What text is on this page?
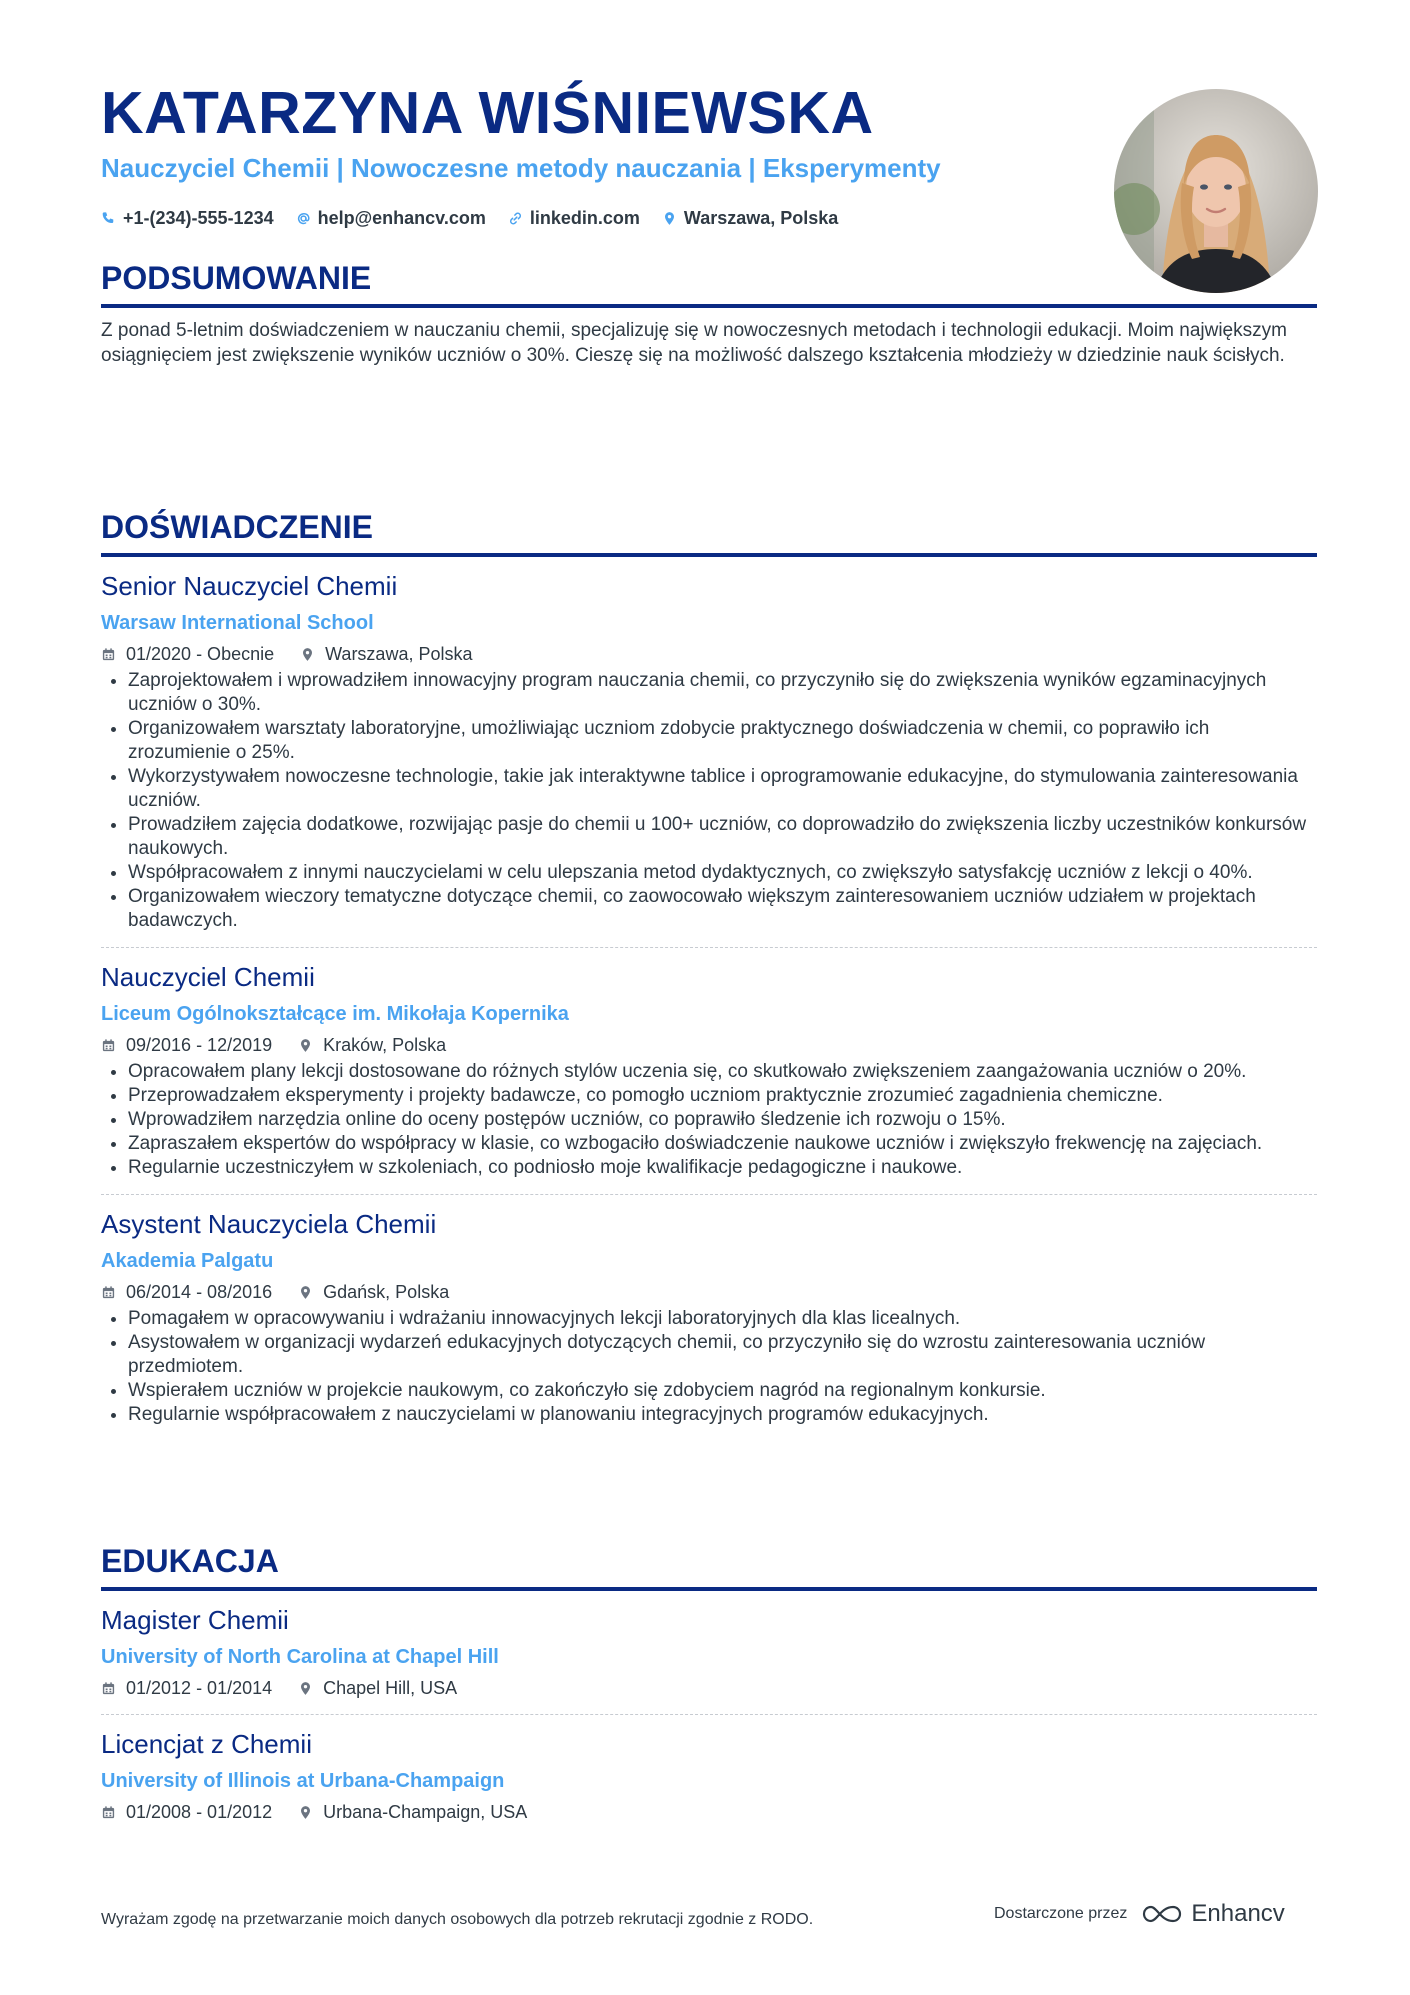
KATARZYNA WIŚNIEWSKA
Nauczyciel Chemii | Nowoczesne metody nauczania | Eksperymenty
+1-(234)-555-1234 help@enhancv.com linkedin.com Warszawa, Polska
PODSUMOWANIE
Z ponad 5-letnim doświadczeniem w nauczaniu chemii, specjalizuję się w nowoczesnych metodach i technologii edukacji. Moim największym osiągnięciem jest zwiększenie wyników uczniów o 30%. Cieszę się na możliwość dalszego kształcenia młodzieży w dziedzinie nauk ścisłych.
DOŚWIADCZENIE
Senior Nauczyciel Chemii
Warsaw International School
01/2020 - Obecnie	Warszawa, Polska
Zaprojektowałem i wprowadziłem innowacyjny program nauczania chemii, co przyczyniło się do zwiększenia wyników egzaminacyjnych uczniów o 30%.
Organizowałem warsztaty laboratoryjne, umożliwiając uczniom zdobycie praktycznego doświadczenia w chemii, co poprawiło ich zrozumienie o 25%.
Wykorzystywałem nowoczesne technologie, takie jak interaktywne tablice i oprogramowanie edukacyjne, do stymulowania zainteresowania uczniów.
Prowadziłem zajęcia dodatkowe, rozwijając pasje do chemii u 100+ uczniów, co doprowadziło do zwiększenia liczby uczestników konkursów naukowych.
Współpracowałem z innymi nauczycielami w celu ulepszania metod dydaktycznych, co zwiększyło satysfakcję uczniów z lekcji o 40%.
Organizowałem wieczory tematyczne dotyczące chemii, co zaowocowało większym zainteresowaniem uczniów udziałem w projektach badawczych.
Nauczyciel Chemii
Liceum Ogólnokształcące im. Mikołaja Kopernika
09/2016 - 12/2019	Kraków, Polska
Opracowałem plany lekcji dostosowane do różnych stylów uczenia się, co skutkowało zwiększeniem zaangażowania uczniów o 20%.
Przeprowadzałem eksperymenty i projekty badawcze, co pomogło uczniom praktycznie zrozumieć zagadnienia chemiczne.
Wprowadziłem narzędzia online do oceny postępów uczniów, co poprawiło śledzenie ich rozwoju o 15%.
Zapraszałem ekspertów do współpracy w klasie, co wzbogaciło doświadczenie naukowe uczniów i zwiększyło frekwencję na zajęciach.
Regularnie uczestniczyłem w szkoleniach, co podniosło moje kwalifikacje pedagogiczne i naukowe.
Asystent Nauczyciela Chemii
Akademia Palgatu
06/2014 - 08/2016	Gdańsk, Polska
Pomagałem w opracowywaniu i wdrażaniu innowacyjnych lekcji laboratoryjnych dla klas licealnych.
Asystowałem w organizacji wydarzeń edukacyjnych dotyczących chemii, co przyczyniło się do wzrostu zainteresowania uczniów przedmiotem.
Wspierałem uczniów w projekcie naukowym, co zakończyło się zdobyciem nagród na regionalnym konkursie.
Regularnie współpracowałem z nauczycielami w planowaniu integracyjnych programów edukacyjnych.
EDUKACJA
Magister Chemii
University of North Carolina at Chapel Hill
01/2012 - 01/2014	Chapel Hill, USA
Licencjat z Chemii
University of Illinois at Urbana-Champaign
01/2008 - 01/2012	Urbana-Champaign, USA
Wyrażam zgodę na przetwarzanie moich danych osobowych dla potrzeb rekrutacji zgodnie z RODO.	Dostarczone przez	Enhancv
